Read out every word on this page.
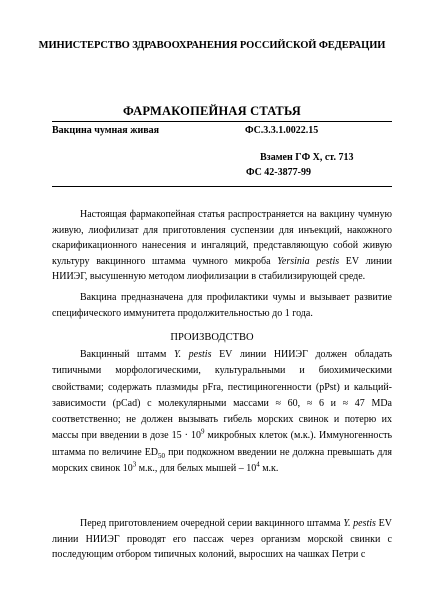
МИНИСТЕРСТВО ЗДРАВООХРАНЕНИЯ РОССИЙСКОЙ ФЕДЕРАЦИИ
ФАРМАКОПЕЙНАЯ СТАТЬЯ
Вакцина чумная живая	ФС.3.3.1.0022.15
Взамен ГФ X, ст. 713
ФС 42-3877-99
Настоящая фармакопейная статья распространяется на вакцину чумную живую, лиофилизат для приготовления суспензии для инъекций, накожного скарификационного нанесения и ингаляций, представляющую собой живую культуру вакцинного штамма чумного микроба Yersinia pestis EV линии НИИЭГ, высушенную методом лиофилизации в стабилизирующей среде.
Вакцина предназначена для профилактики чумы и вызывает развитие специфического иммунитета продолжительностью до 1 года.
ПРОИЗВОДСТВО
Вакцинный штамм Y. pestis EV линии НИИЭГ должен обладать типичными морфологическими, культуральными и биохимическими свойствами; содержать плазмиды pFra, пестициногенности (pPst) и кальций-зависимости (pCad) с молекулярными массами ≈ 60, ≈ 6 и ≈ 47 MDa соответственно; не должен вызывать гибель морских свинок и потерю их массы при введении в дозе $15 \cdot 10^9$ микробных клеток (м.к.). Иммуногенность штамма по величине $ED_{50}$ при подкожном введении не должна превышать для морских свинок $10^3$ м.к., для белых мышей – $10^4$ м.к.
Перед приготовлением очередной серии вакцинного штамма Y. pestis EV линии НИИЭГ проводят его пассаж через организм морской свинки с последующим отбором типичных колоний, выросших на чашках Петри с
